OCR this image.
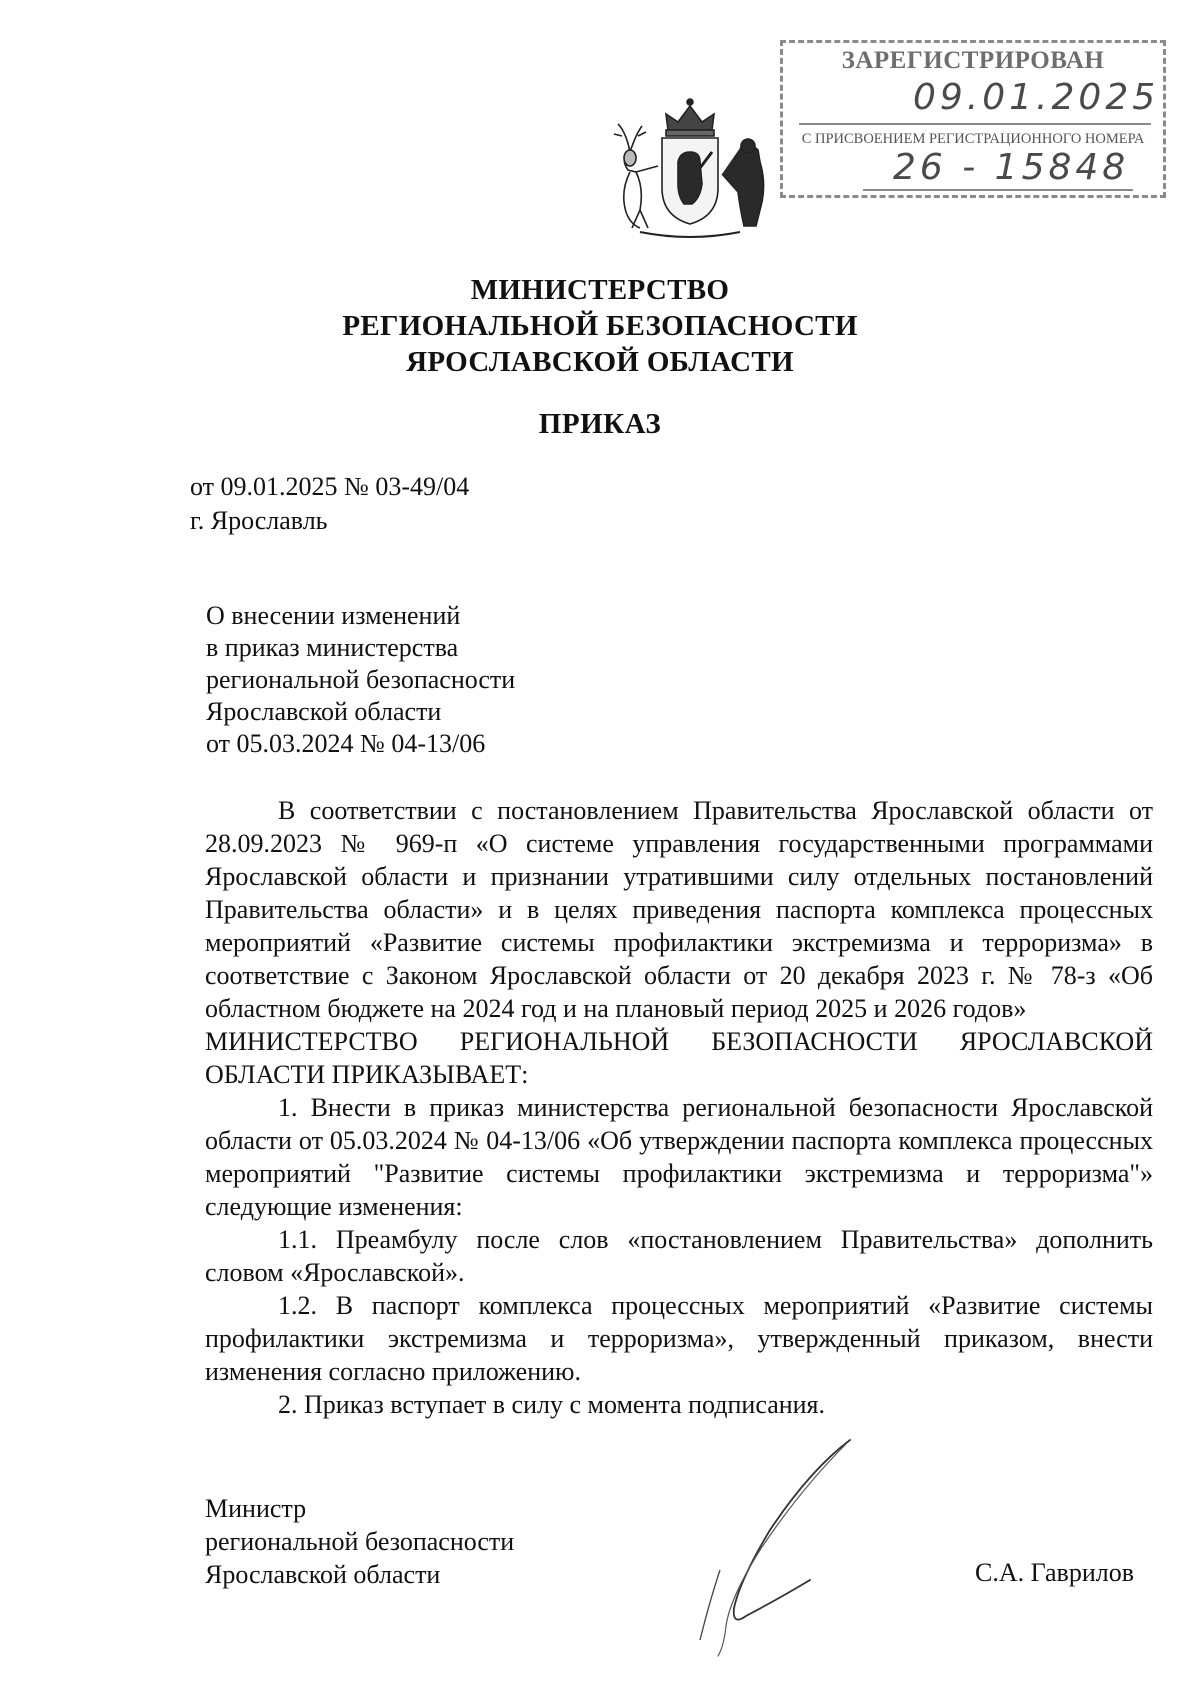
ЗАРЕГИСТРИРОВАН
09.01.2025
С ПРИСВОЕНИЕМ РЕГИСТРАЦИОННОГО НОМЕРА
26 - 15848
МИНИСТЕРСТВО
РЕГИОНАЛЬНОЙ БЕЗОПАСНОСТИ
ЯРОСЛАВСКОЙ ОБЛАСТИ
ПРИКАЗ
от 09.01.2025 № 03-49/04
г. Ярославль
О внесении изменений
в приказ министерства
региональной безопасности
Ярославской области
от 05.03.2024 № 04-13/06

В соответствии с постановлением Правительства Ярославской области от 28.09.2023 № 969-п «О системе управления государственными программами Ярославской области и признании утратившими силу отдельных постановлений Правительства области» и в целях приведения паспорта комплекса процессных мероприятий «Развитие системы профилактики экстремизма и терроризма» в соответствие с Законом Ярославской области от 20 декабря 2023 г. № 78-з «Об областном бюджете на 2024 год и на плановый период 2025 и 2026 годов»

МИНИСТЕРСТВО РЕГИОНАЛЬНОЙ БЕЗОПАСНОСТИ ЯРОСЛАВСКОЙ ОБЛАСТИ ПРИКАЗЫВАЕТ:

1. Внести в приказ министерства региональной безопасности Ярославской области от 05.03.2024 № 04-13/06 «Об утверждении паспорта комплекса процессных мероприятий "Развитие системы профилактики экстремизма и терроризма"» следующие изменения:

1.1. Преамбулу после слов «постановлением Правительства» дополнить словом «Ярославской».

1.2. В паспорт комплекса процессных мероприятий «Развитие системы профилактики экстремизма и терроризма», утвержденный приказом, внести изменения согласно приложению.

2. Приказ вступает в силу с момента подписания.

Министр
региональной безопасности
Ярославской области	С.А. Гаврилов
